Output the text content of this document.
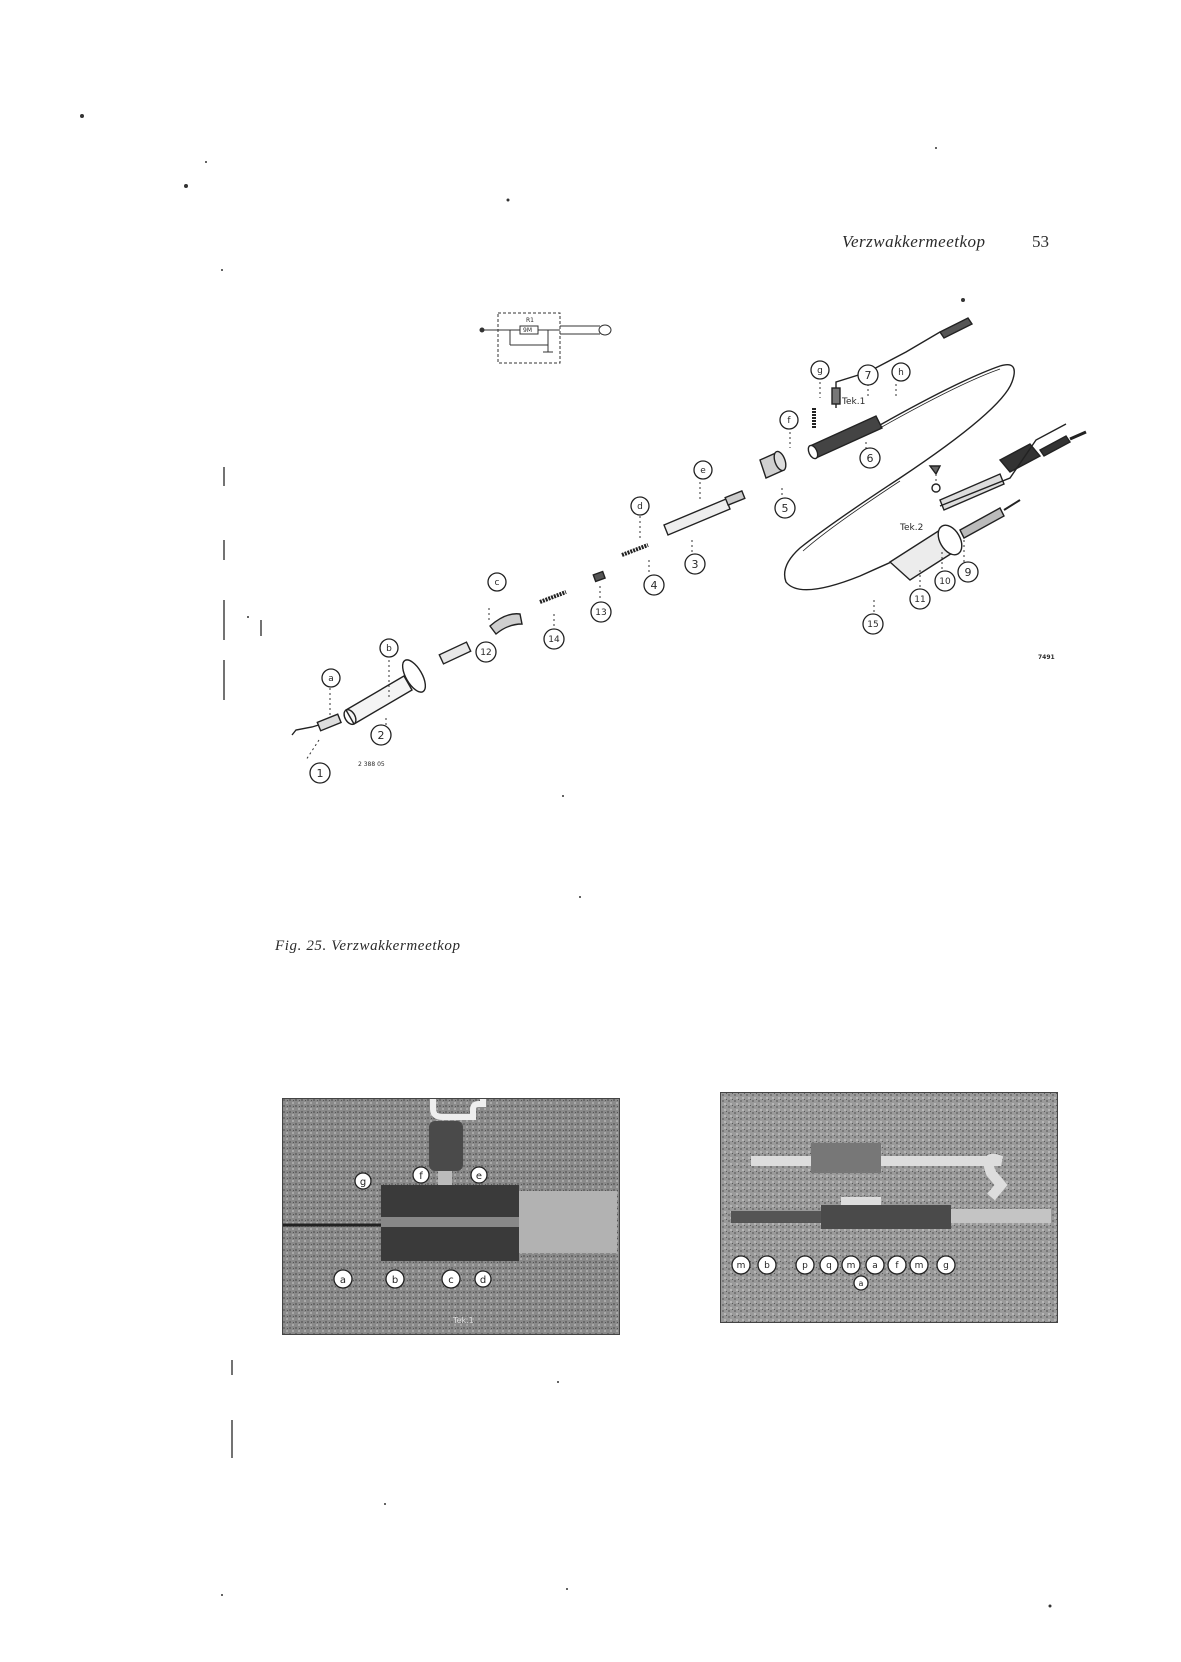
Verzwakkermeetkop	53
R1
9M
1
a
2
b
c
12
14
13
4
d
3
e
5
f
g	7	h
6
11
10
9
15
Tek.1
Tek.2
7491
2 388 05
Fig. 25. Verzwakkermeetkop
a	b	c	d
e
f
g
Tek.1
m b	p q m a f m g
a
